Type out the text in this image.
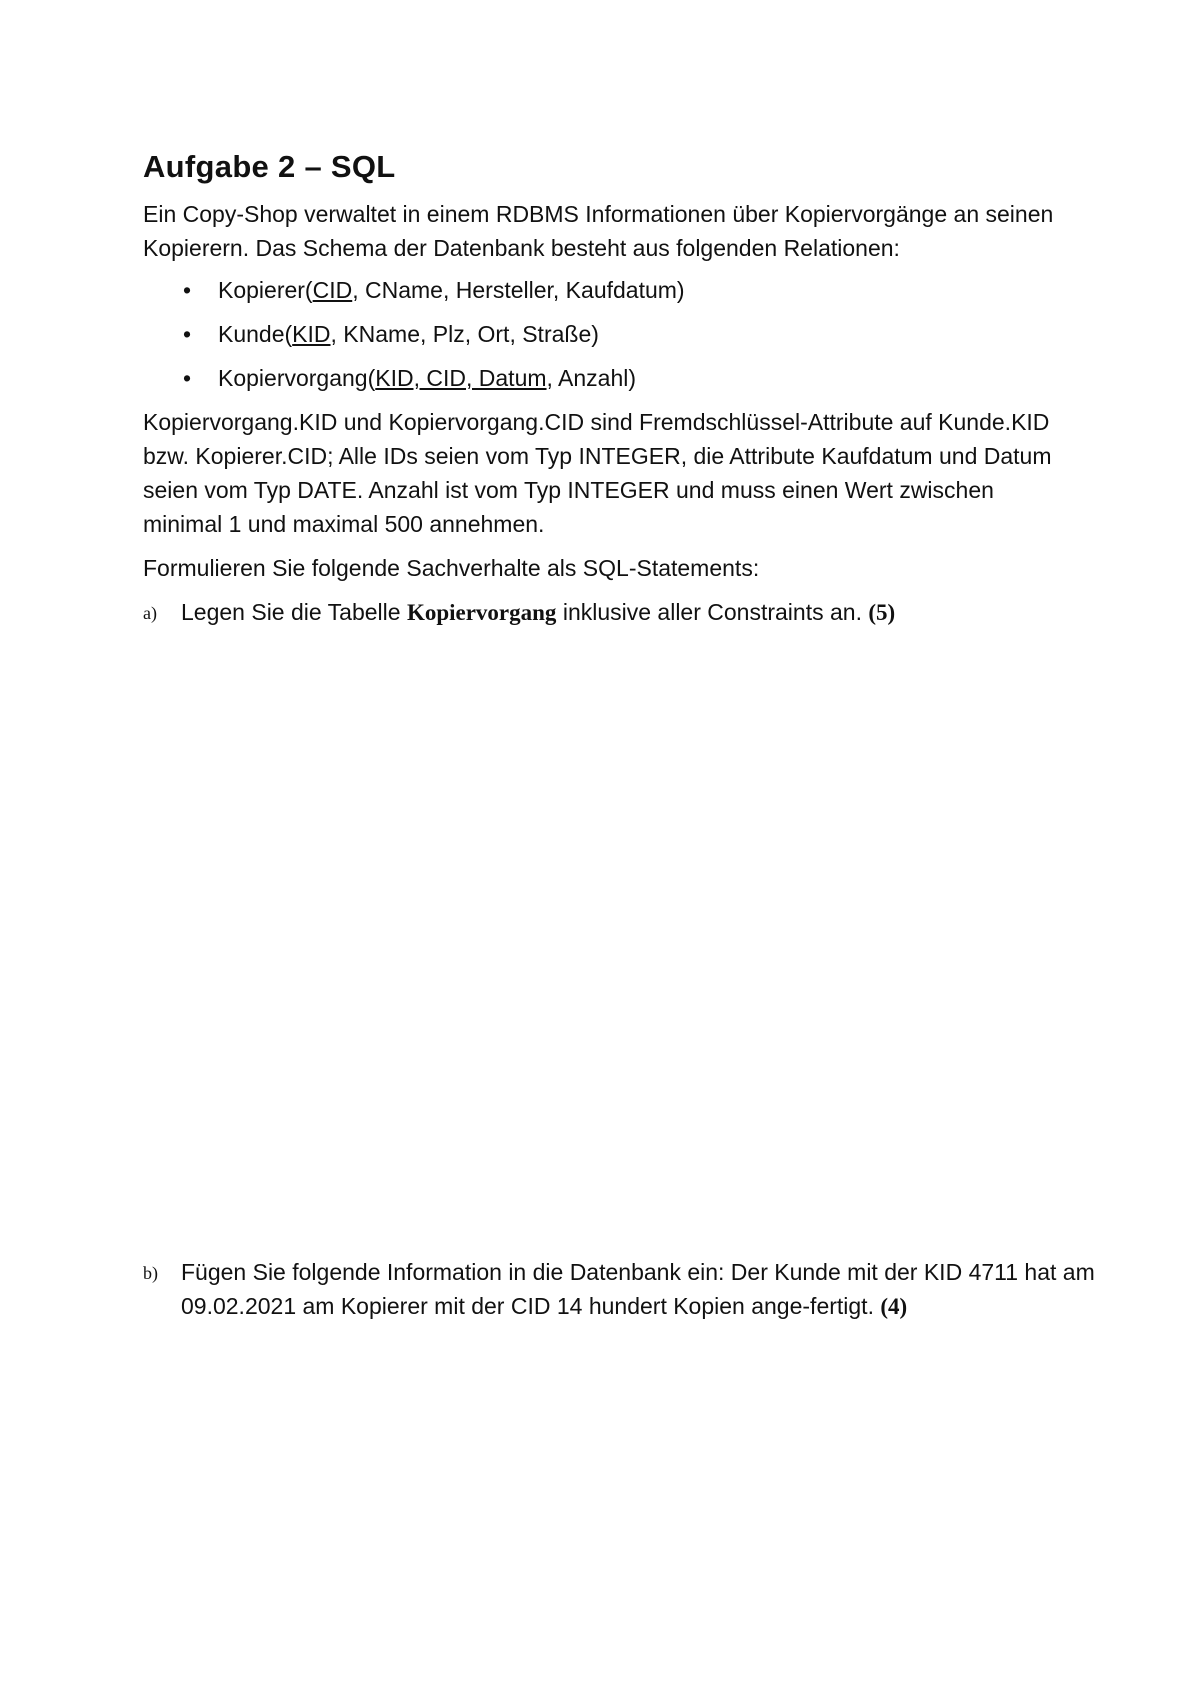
Aufgabe 2 – SQL

Ein Copy-Shop verwaltet in einem RDBMS Informationen über Kopiervorgänge an seinen Kopierern. Das Schema der Datenbank besteht aus folgenden Relationen:

• Kopierer(CID, CName, Hersteller, Kaufdatum)
• Kunde(KID, KName, Plz, Ort, Straße)
• Kopiervorgang(KID, CID, Datum, Anzahl)

Kopiervorgang.KID und Kopiervorgang.CID sind Fremdschlüssel-Attribute auf Kunde.KID bzw. Kopierer.CID; Alle IDs seien vom Typ INTEGER, die Attribute Kaufdatum und Datum seien vom Typ DATE. Anzahl ist vom Typ INTEGER und muss einen Wert zwischen minimal 1 und maximal 500 annehmen.

Formulieren Sie folgende Sachverhalte als SQL-Statements:

a) Legen Sie die Tabelle Kopiervorgang inklusive aller Constraints an. (5)
b) Fügen Sie folgende Information in die Datenbank ein: Der Kunde mit der KID 4711 hat am 09.02.2021 am Kopierer mit der CID 14 hundert Kopien ange-fertigt. (4)
